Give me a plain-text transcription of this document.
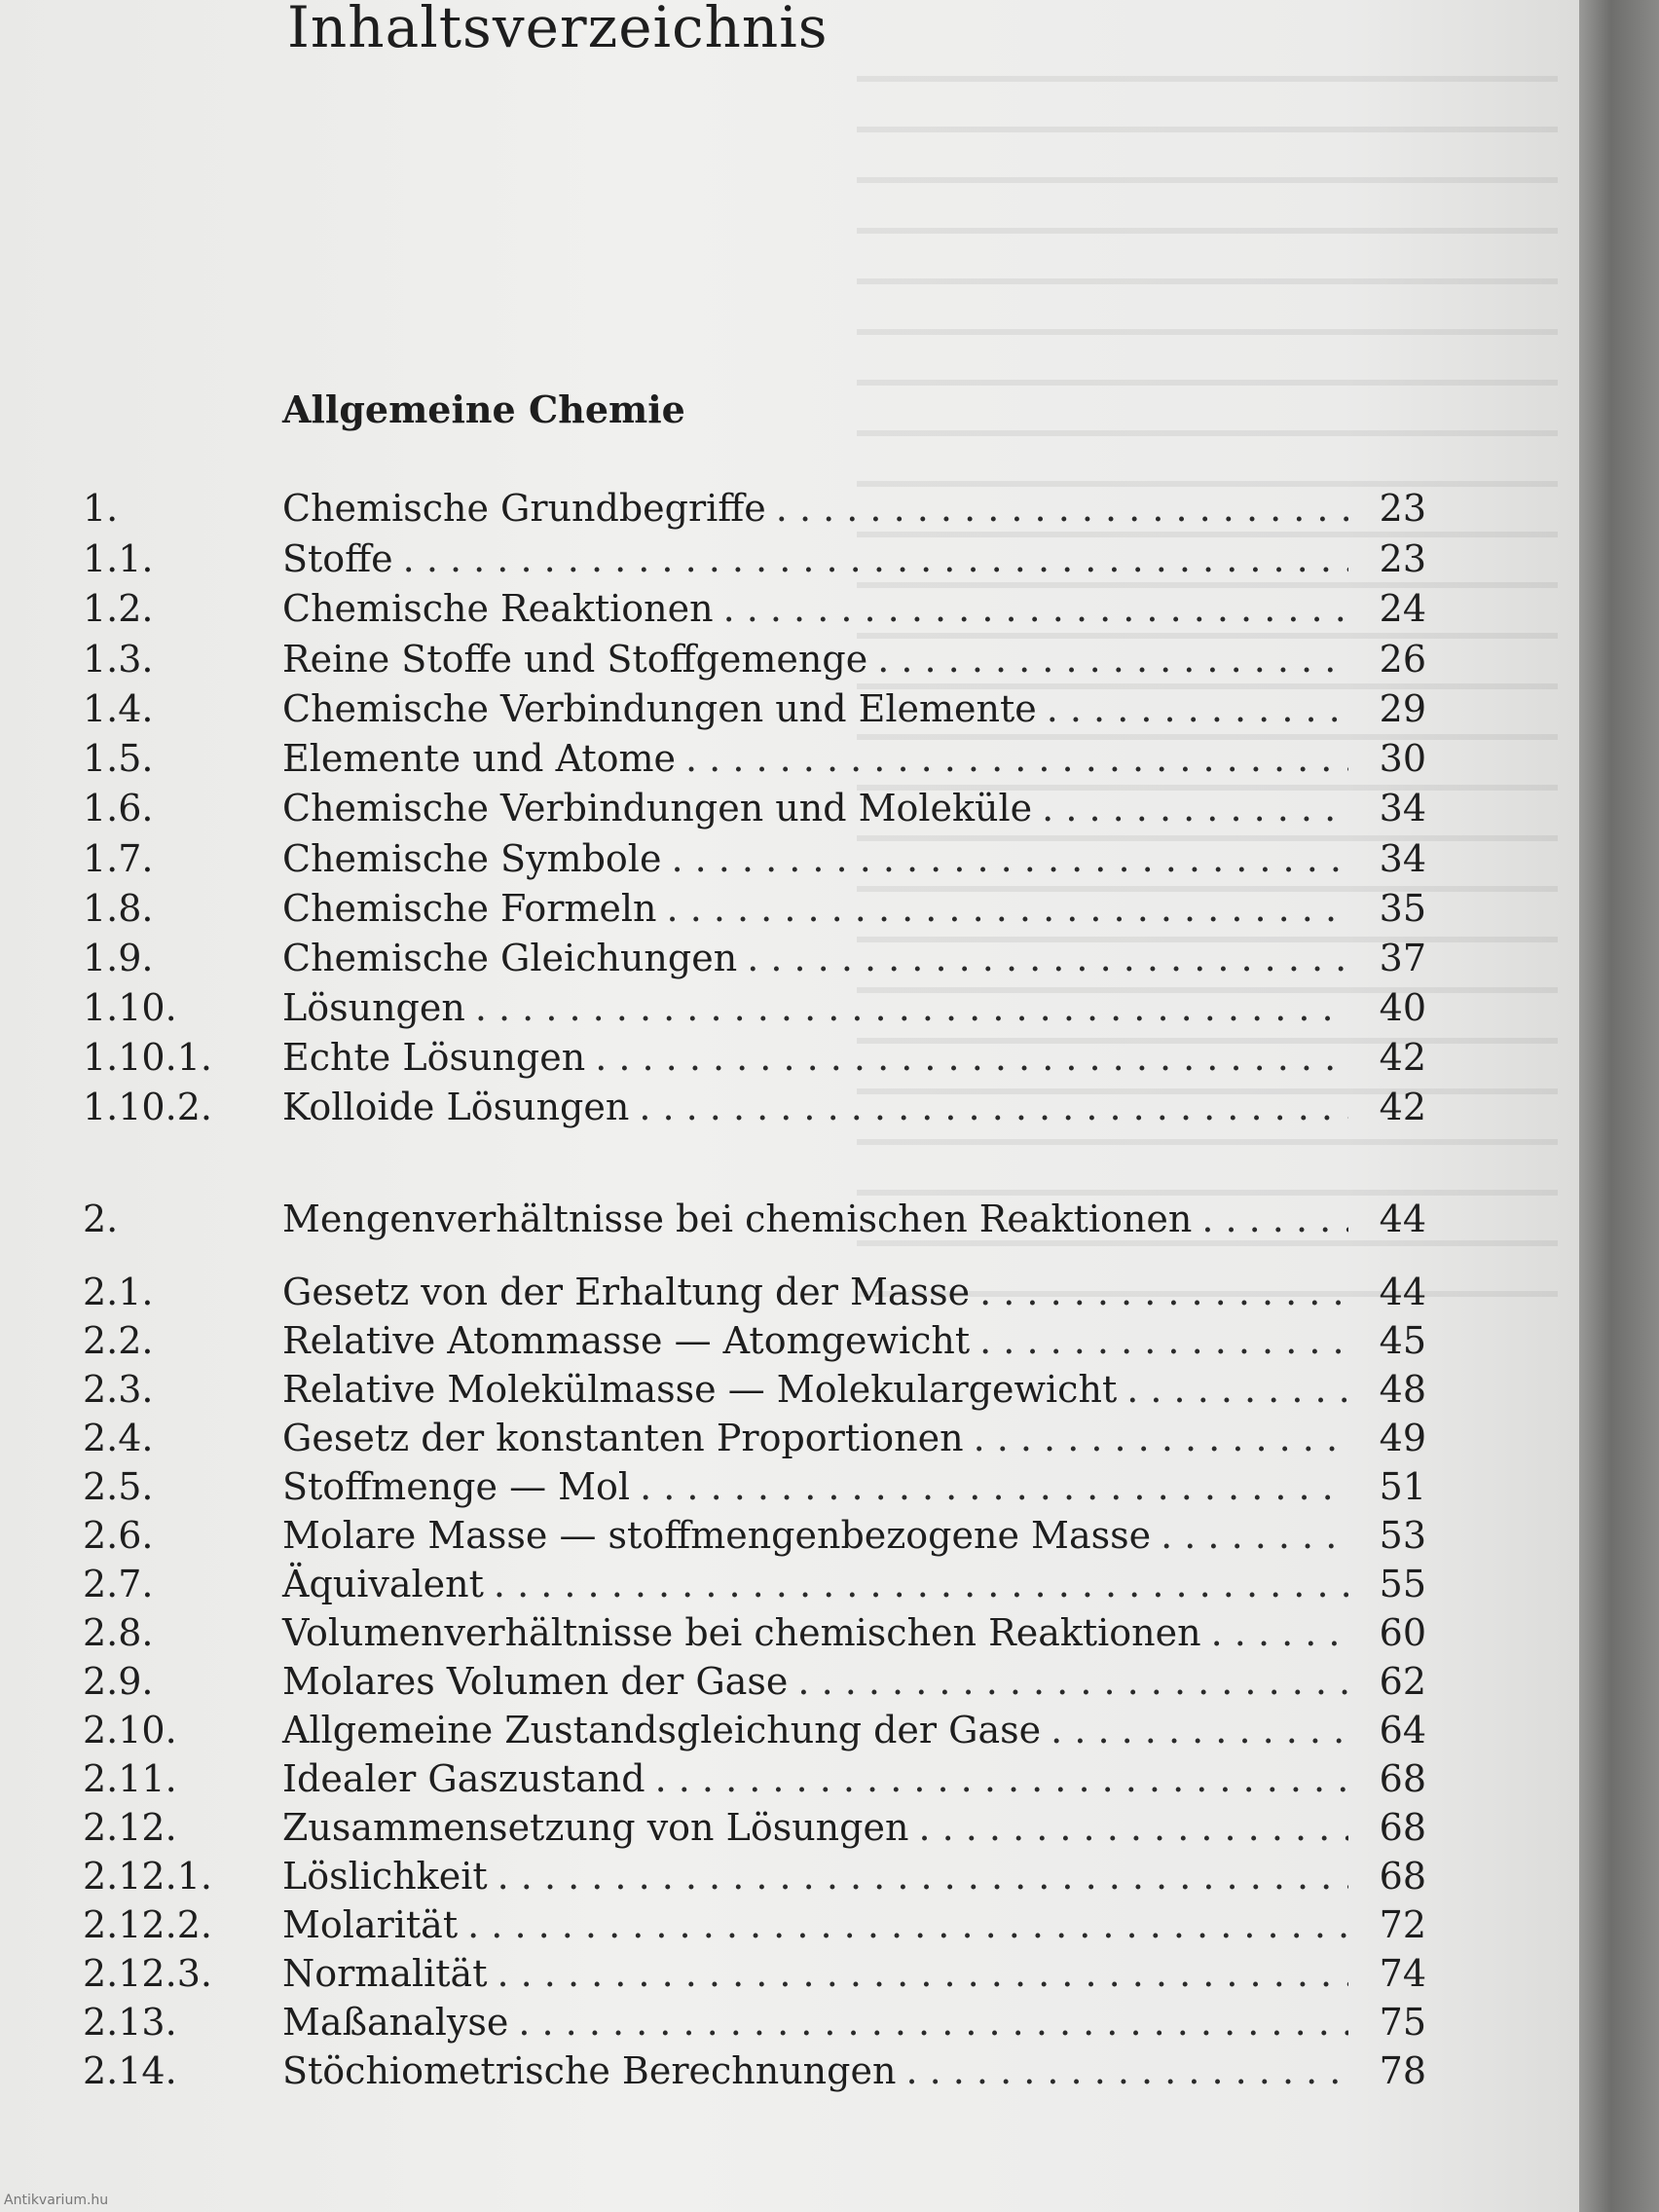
Inhaltsverzeichnis
Allgemeine Chemie
1.	Chemische Grundbegriffe . . .	23
1.1.	Stoffe . . .	23
1.2.	Chemische Reaktionen . . .	24
1.3.	Reine Stoffe und Stoffgemenge . . .	26
1.4.	Chemische Verbindungen und Elemente . . .	29
1.5.	Elemente und Atome . . .	30
1.6.	Chemische Verbindungen und Moleküle . . .	34
1.7.	Chemische Symbole . . .	34
1.8.	Chemische Formeln . . .	35
1.9.	Chemische Gleichungen . . .	37
1.10.	Lösungen . . .	40
1.10.1.	Echte Lösungen . . .	42
1.10.2.	Kolloide Lösungen . . .	42
2.	Mengenverhältnisse bei chemischen Reaktionen . . .	44
2.1.	Gesetz von der Erhaltung der Masse . . .	44
2.2.	Relative Atommasse — Atomgewicht . . .	45
2.3.	Relative Molekülmasse — Molekulargewicht . . .	48
2.4.	Gesetz der konstanten Proportionen . . .	49
2.5.	Stoffmenge — Mol . . .	51
2.6.	Molare Masse — stoffmengenbezogene Masse . . .	53
2.7.	Äquivalent . . .	55
2.8.	Volumenverhältnisse bei chemischen Reaktionen . . .	60
2.9.	Molares Volumen der Gase . . .	62
2.10.	Allgemeine Zustandsgleichung der Gase . . .	64
2.11.	Idealer Gaszustand . . .	68
2.12.	Zusammensetzung von Lösungen . . .	68
2.12.1.	Löslichkeit . . .	68
2.12.2.	Molarität . . .	72
2.12.3.	Normalität . . .	74
2.13.	Maßanalyse . . .	75
2.14.	Stöchiometrische Berechnungen . . .	78
Antikvarium.hu
